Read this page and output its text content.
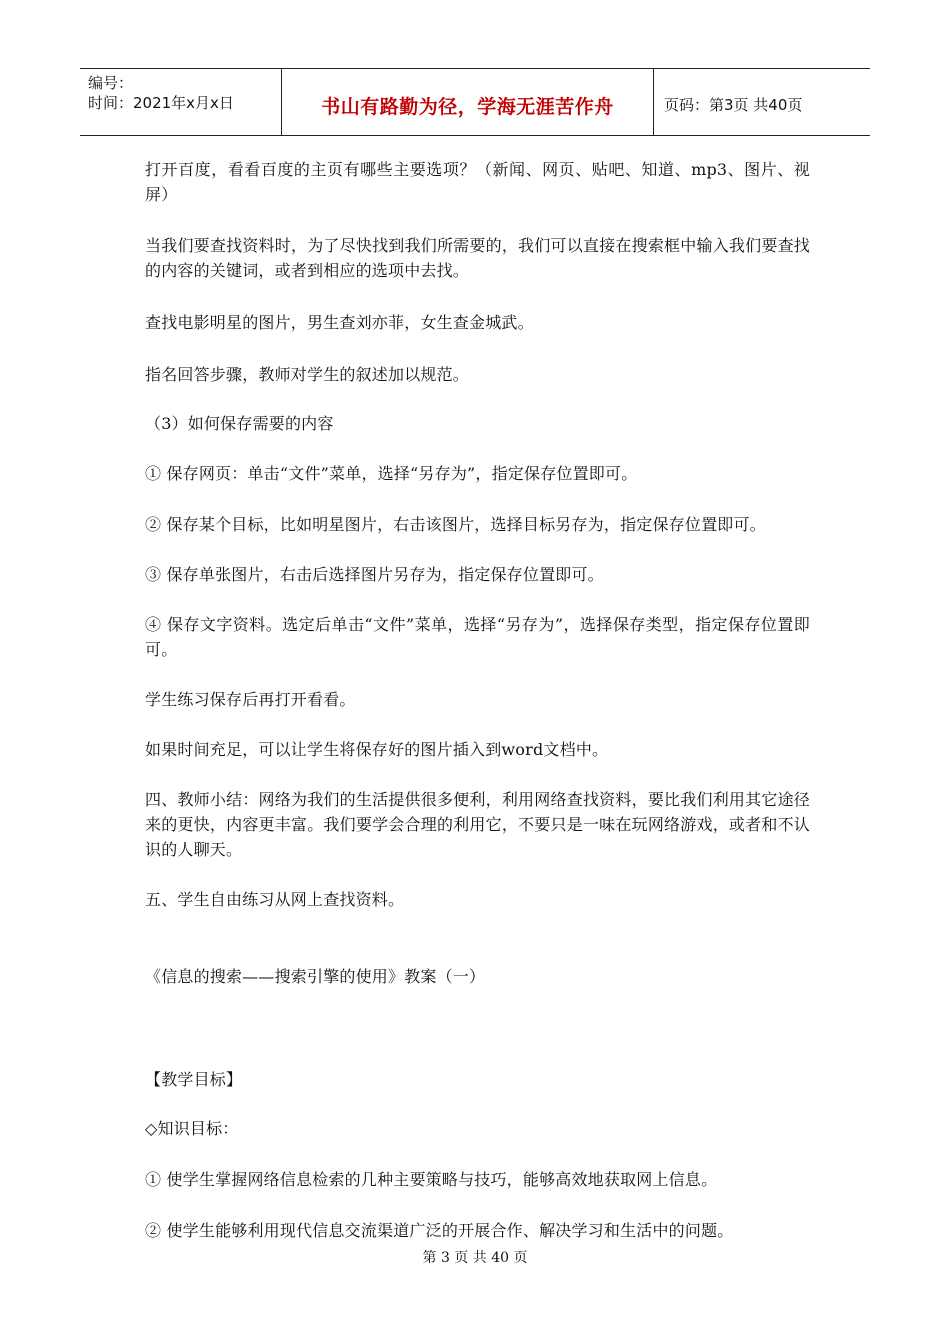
编号：
时间：2021年x月x日	书山有路勤为径，学海无涯苦作舟	页码：第3页 共40页

打开百度，看看百度的主页有哪些主要选项？（新闻、网页、贴吧、知道、mp3、图片、视屏）

当我们要查找资料时，为了尽快找到我们所需要的，我们可以直接在搜索框中输入我们要查找的内容的关键词，或者到相应的选项中去找。

查找电影明星的图片，男生查刘亦菲，女生查金城武。

指名回答步骤，教师对学生的叙述加以规范。

（3）如何保存需要的内容

① 保存网页：单击“文件”菜单，选择“另存为”，指定保存位置即可。

② 保存某个目标，比如明星图片，右击该图片，选择目标另存为，指定保存位置即可。

③ 保存单张图片，右击后选择图片另存为，指定保存位置即可。

④ 保存文字资料。选定后单击“文件”菜单，选择“另存为”，选择保存类型，指定保存位置即可。

学生练习保存后再打开看看。

如果时间充足，可以让学生将保存好的图片插入到word文档中。

四、教师小结：网络为我们的生活提供很多便利，利用网络查找资料，要比我们利用其它途径来的更快，内容更丰富。我们要学会合理的利用它，不要只是一味在玩网络游戏，或者和不认识的人聊天。

五、学生自由练习从网上查找资料。

《信息的搜索——搜索引擎的使用》教案（一）

【教学目标】

◇知识目标：

① 使学生掌握网络信息检索的几种主要策略与技巧，能够高效地获取网上信息。

② 使学生能够利用现代信息交流渠道广泛的开展合作、解决学习和生活中的问题。

第 3 页 共 40 页
